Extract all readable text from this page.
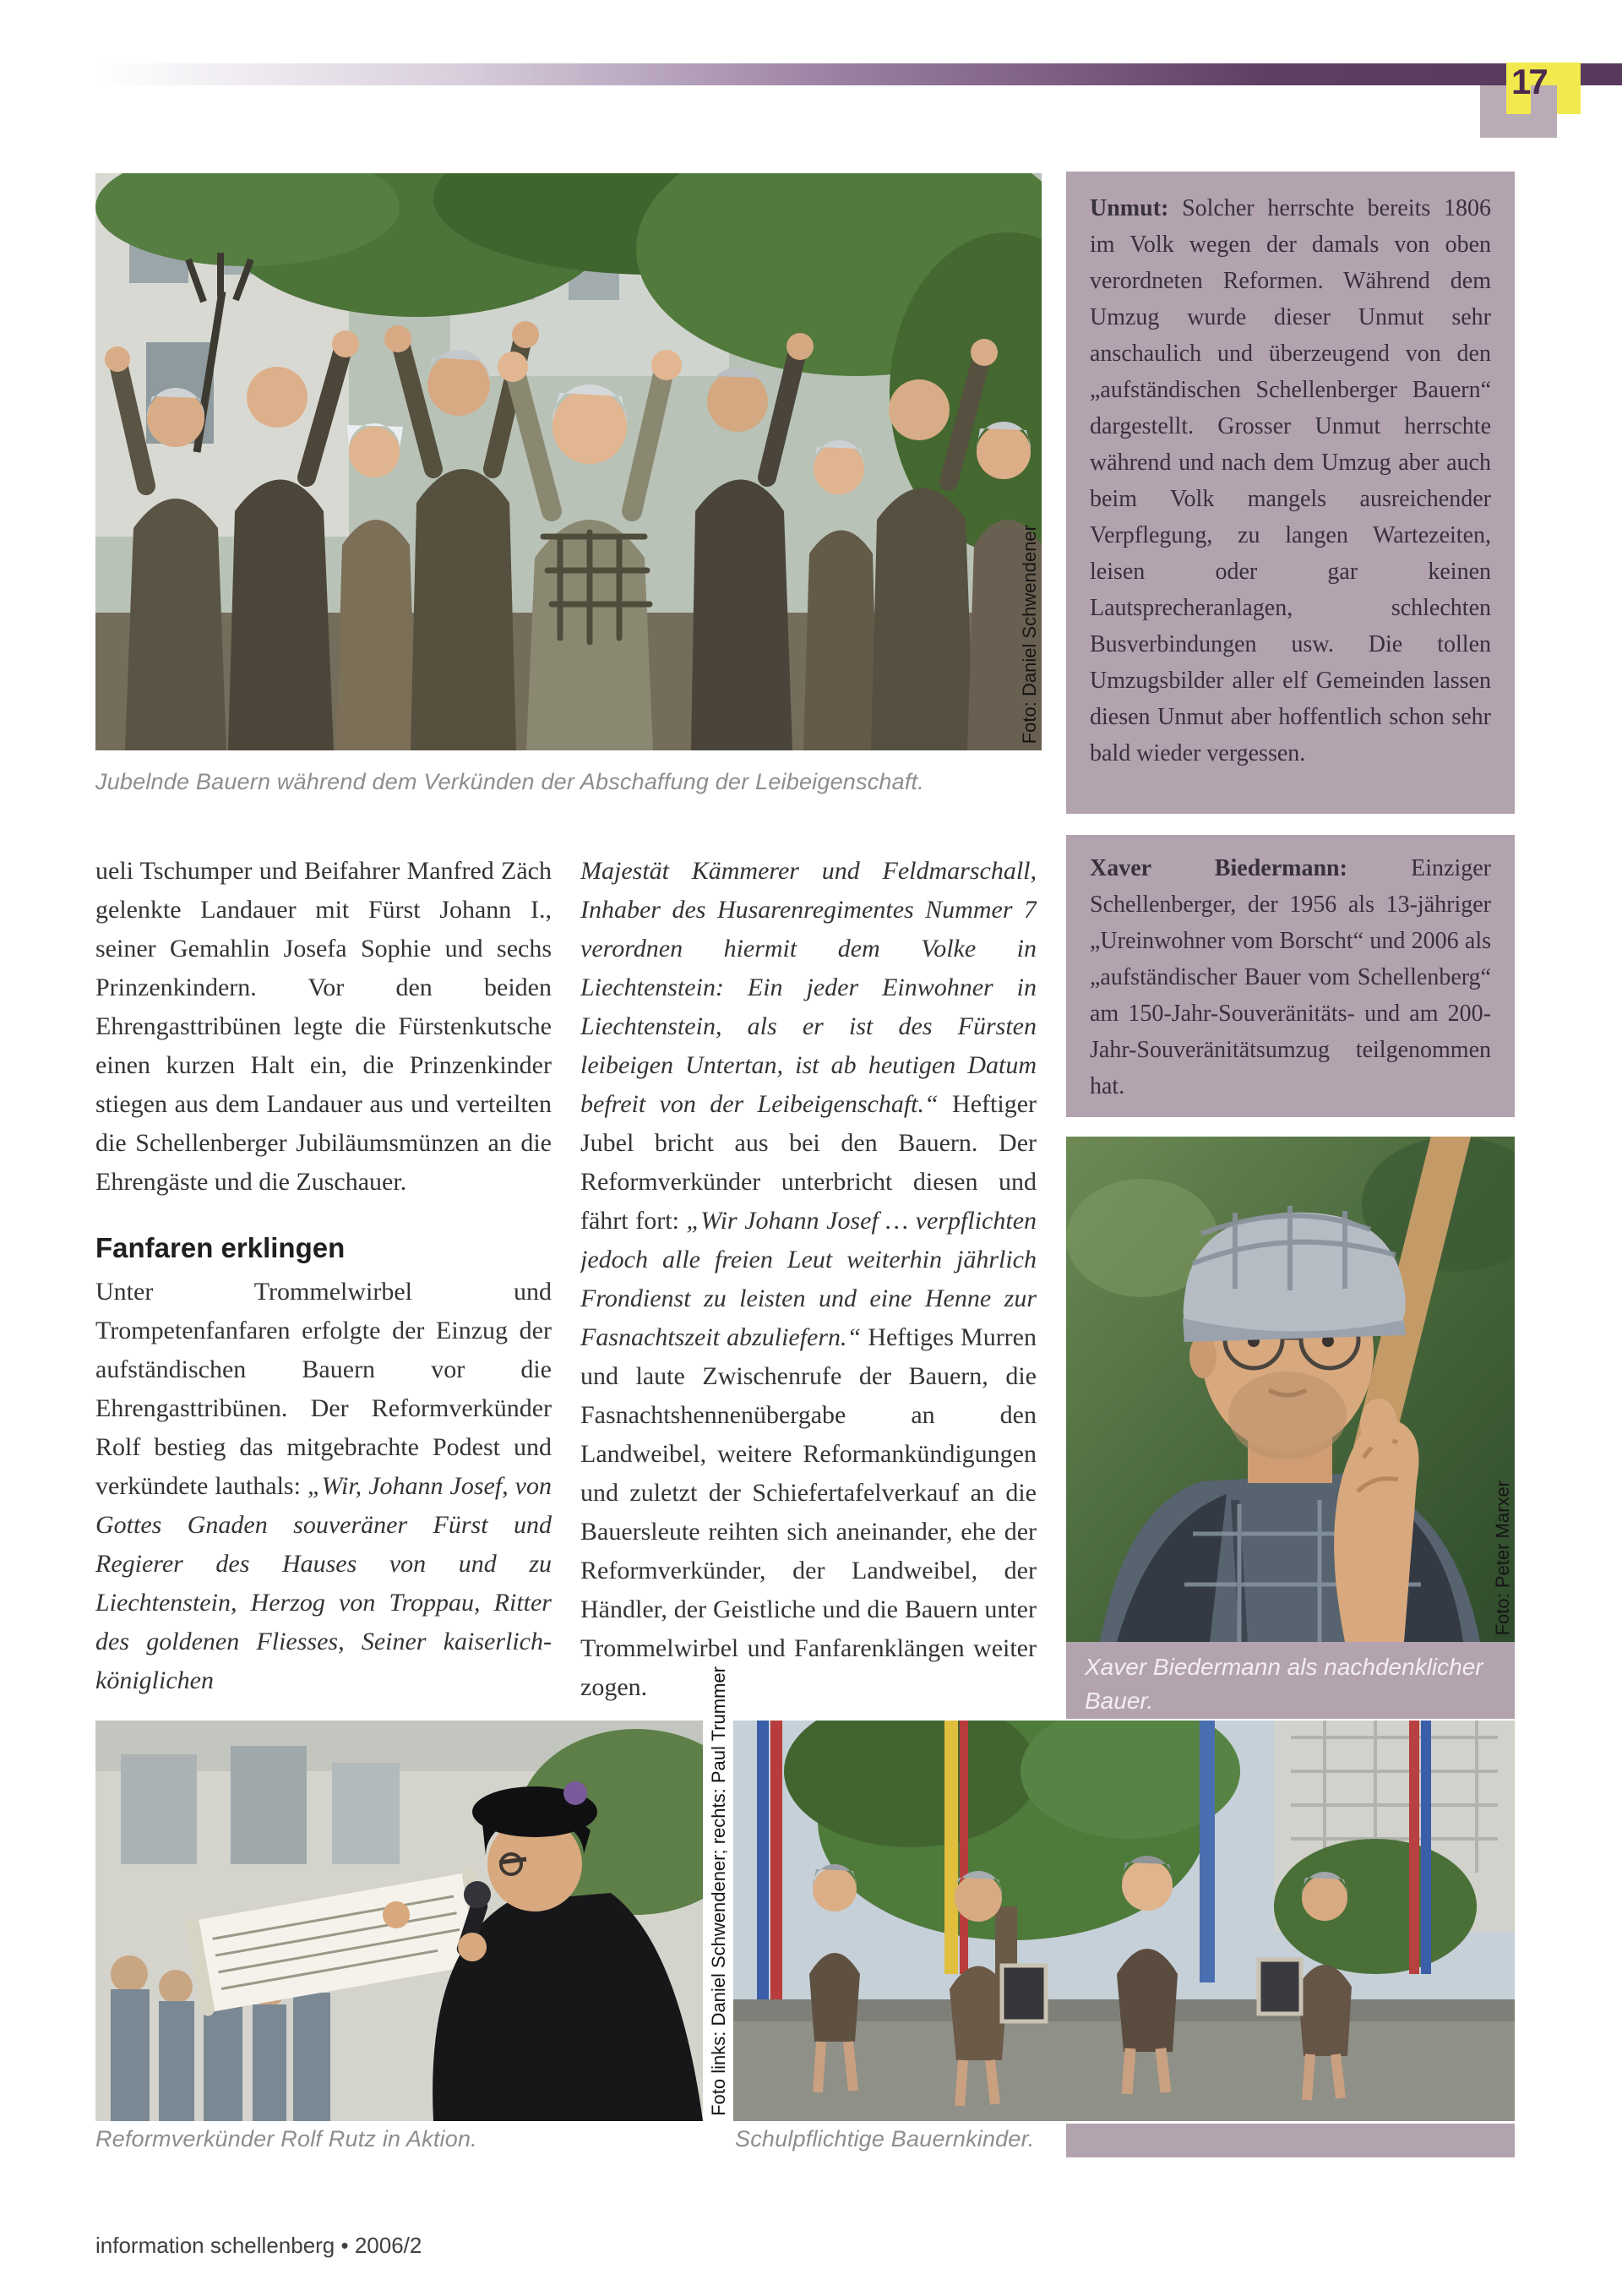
17
Foto: Daniel Schwendener
Jubelnde Bauern während dem Verkünden der Abschaffung der Leibeigenschaft.

Unmut: Solcher herrschte bereits 1806 im Volk wegen der damals von oben verordneten Reformen. Während dem Umzug wurde dieser Unmut sehr anschaulich und überzeugend von den „aufständischen Schellenberger Bauern“ dargestellt. Grosser Unmut herrschte während und nach dem Umzug aber auch beim Volk mangels ausreichender Verpflegung, zu langen Wartezeiten, leisen oder gar keinen Lautsprecheranlagen, schlechten Busverbindungen usw. Die tollen Umzugsbilder aller elf Gemeinden lassen diesen Unmut aber hoffentlich schon sehr bald wieder vergessen.

Xaver Biedermann: Einziger Schellenberger, der 1956 als 13-jähriger „Ureinwohner vom Borscht“ und 2006 als „aufständischer Bauer vom Schellenberg“ am 150-Jahr-Souveränitäts- und am 200-Jahr-Souveränitätsumzug teilgenommen hat.

ueli Tschumper und Beifahrer Manfred Zäch gelenkte Landauer mit Fürst Johann I., seiner Gemahlin Josefa Sophie und sechs Prinzenkindern. Vor den beiden Ehrengasttribünen legte die Fürstenkutsche einen kurzen Halt ein, die Prinzenkinder stiegen aus dem Landauer aus und verteilten die Schellenberger Jubiläumsmünzen an die Ehrengäste und die Zuschauer.

Fanfaren erklingen

Unter Trommelwirbel und Trompetenfanfaren erfolgte der Einzug der aufständischen Bauern vor die Ehrengasttribünen. Der Reformverkünder Rolf bestieg das mitgebrachte Podest und verkündete lauthals: „Wir, Johann Josef, von Gottes Gnaden souveräner Fürst und Regierer des Hauses von und zu Liechtenstein, Herzog von Troppau, Ritter des goldenen Fliesses, Seiner kaiserlich-königlichen

Majestät Kämmerer und Feldmarschall, Inhaber des Husarenregimentes Nummer 7 verordnen hiermit dem Volke in Liechtenstein: Ein jeder Einwohner in Liechtenstein, als er ist des Fürsten leibeigen Untertan, ist ab heutigen Datum befreit von der Leibeigenschaft.“ Heftiger Jubel bricht aus bei den Bauern. Der Reformverkünder unterbricht diesen und fährt fort: „Wir Johann Josef … verpflichten jedoch alle freien Leut weiterhin jährlich Frondienst zu leisten und eine Henne zur Fasnachtszeit abzuliefern.“ Heftiges Murren und laute Zwischenrufe der Bauern, die Fasnachtshennenübergabe an den Landweibel, weitere Reformankündigungen und zuletzt der Schiefertafelverkauf an die Bauersleute reihten sich aneinander, ehe der Reformverkünder, der Landweibel, der Händler, der Geistliche und die Bauern unter Trommelwirbel und Fanfarenklängen weiter zogen.

Foto: Peter Marxer

Xaver Biedermann als nachdenklicher Bauer.

Foto links: Daniel Schwendener; rechts: Paul Trummer
Reformverkünder Rolf Rutz in Aktion.	Schulpflichtige Bauernkinder.
information schellenberg • 2006/2
